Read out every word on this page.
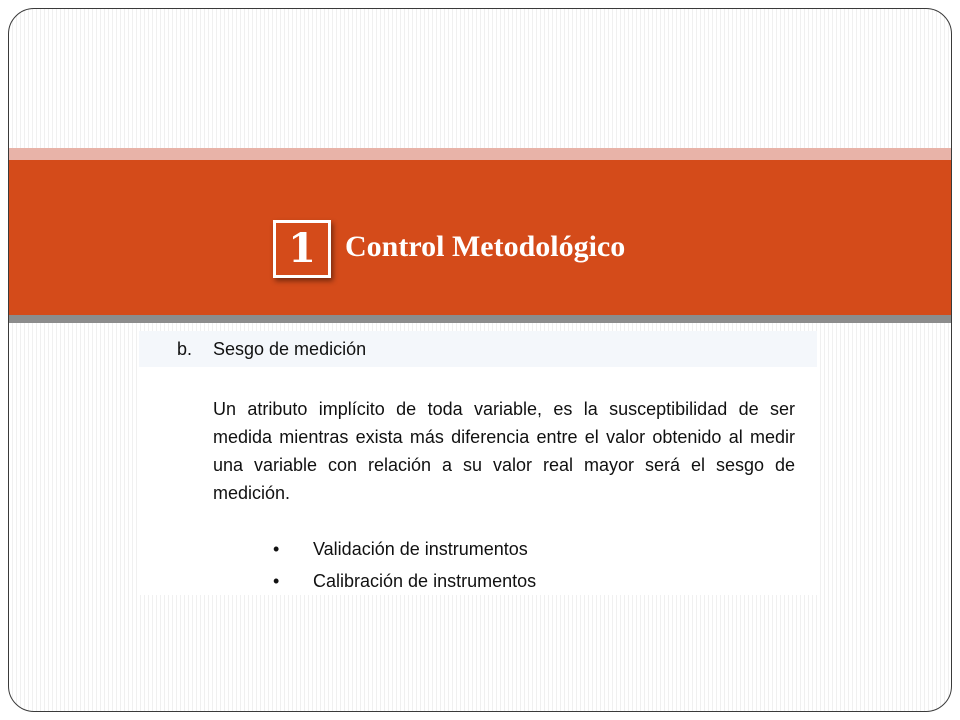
1 Control Metodológico
b. Sesgo de medición

Un atributo implícito de toda variable, es la susceptibilidad de ser medida mientras exista más diferencia entre el valor obtenido al medir una variable con relación a su valor real mayor será el sesgo de medición.

• Validación de instrumentos
• Calibración de instrumentos
